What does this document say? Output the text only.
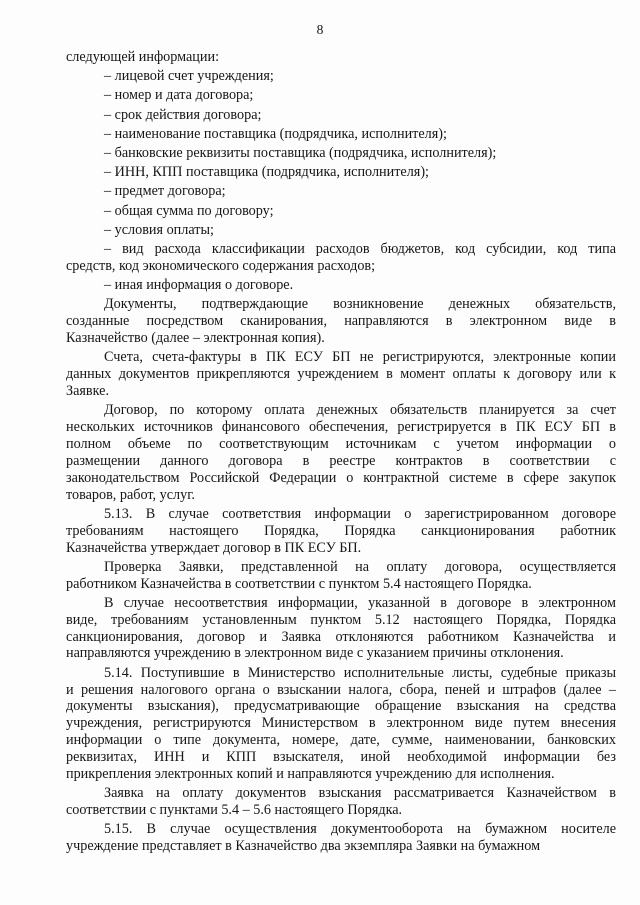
8
следующей информации:
– лицевой счет учреждения;
– номер и дата договора;
– срок действия договора;
– наименование поставщика (подрядчика, исполнителя);
– банковские реквизиты поставщика (подрядчика, исполнителя);
– ИНН, КПП поставщика (подрядчика, исполнителя);
– предмет договора;
– общая сумма по договору;
– условия оплаты;
– вид расхода классификации расходов бюджетов, код субсидии, код типа
средств, код экономического содержания расходов;
– иная информация о договоре.
Документы, подтверждающие возникновение денежных обязательств,
созданные посредством сканирования, направляются в электронном виде в
Казначейство (далее – электронная копия).
Счета, счета-фактуры в ПК ЕСУ БП не регистрируются, электронные копии
данных документов прикрепляются учреждением в момент оплаты к договору или к
Заявке.
Договор, по которому оплата денежных обязательств планируется за счет
нескольких источников финансового обеспечения, регистрируется в ПК ЕСУ БП в
полном объеме по соответствующим источникам с учетом информации о
размещении данного договора в реестре контрактов в соответствии с
законодательством Российской Федерации о контрактной системе в сфере закупок
товаров, работ, услуг.
5.13. В случае соответствия информации о зарегистрированном договоре
требованиям настоящего Порядка, Порядка санкционирования работник
Казначейства утверждает договор в ПК ЕСУ БП.
Проверка Заявки, представленной на оплату договора, осуществляется
работником Казначейства в соответствии с пунктом 5.4 настоящего Порядка.
В случае несоответствия информации, указанной в договоре в электронном
виде, требованиям установленным пунктом 5.12 настоящего Порядка, Порядка
санкционирования, договор и Заявка отклоняются работником Казначейства и
направляются учреждению в электронном виде с указанием причины отклонения.
5.14. Поступившие в Министерство исполнительные листы, судебные приказы
и решения налогового органа о взыскании налога, сбора, пеней и штрафов (далее –
документы взыскания), предусматривающие обращение взыскания на средства
учреждения, регистрируются Министерством в электронном виде путем внесения
информации о типе документа, номере, дате, сумме, наименовании, банковских
реквизитах, ИНН и КПП взыскателя, иной необходимой информации без
прикрепления электронных копий и направляются учреждению для исполнения.
Заявка на оплату документов взыскания рассматривается Казначейством в
соответствии с пунктами 5.4 – 5.6 настоящего Порядка.
5.15. В случае осуществления документооборота на бумажном носителе
учреждение представляет в Казначейство два экземпляра Заявки на бумажном
